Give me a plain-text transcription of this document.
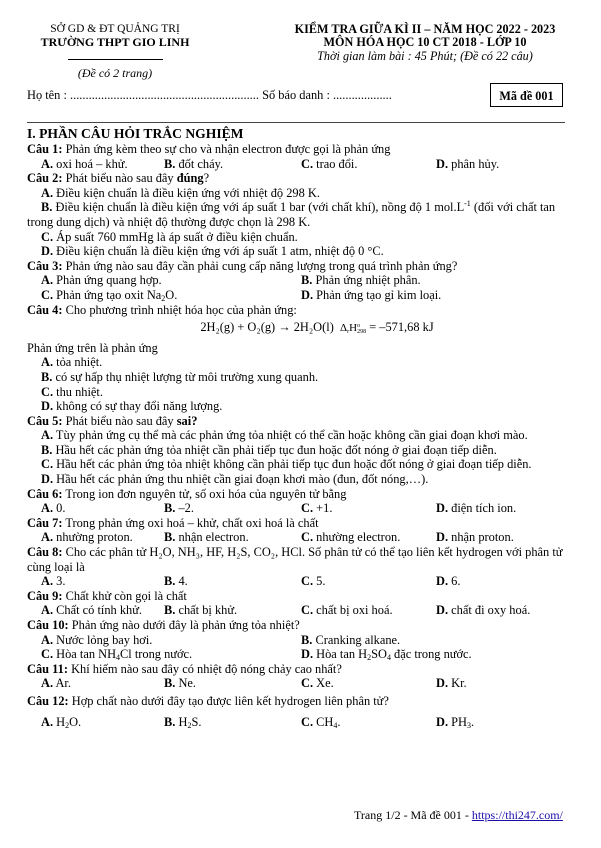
SỞ GD & ĐT QUẢNG TRỊ
TRƯỜNG THPT GIO LINH
(Đề có 2 trang)
KIỂM TRA GIỮA KÌ II – NĂM HỌC 2022 - 2023
MÔN HÓA HỌC 10 CT 2018 - LỚP 10
Thời gian làm bài : 45 Phút; (Đề có 22 câu)
Họ tên : ............................................................. Số báo danh : ...................	Mã đề 001
I. PHẦN CÂU HỎI TRẮC NGHIỆM
Câu 1: Phản ứng kèm theo sự cho và nhận electron được gọi là phản ứng
A. oxi hoá – khử.	B. đốt cháy.	C. trao đổi.	D. phân hủy.
Câu 2: Phát biểu nào sau đây đúng?
A. Điều kiện chuẩn là điều kiện ứng với nhiệt độ 298 K.
B. Điều kiện chuẩn là điều kiện ứng với áp suất 1 bar (với chất khí), nồng độ 1 $mol.L^{-1}$ (đối với chất tan trong dung dịch) và nhiệt độ thường được chọn là 298 K.
C. Áp suất 760 mmHg là áp suất ở điều kiện chuẩn.
D. Điều kiện chuẩn là điều kiện ứng với áp suất 1 atm, nhiệt độ 0 °C.
Câu 3: Phản ứng nào sau đây cần phải cung cấp năng lượng trong quá trình phản ứng?
A. Phản ứng quang hợp.	B. Phản ứng nhiệt phân.
C. Phản ứng tạo oxit $Na_2O$.	D. Phản ứng tạo gỉ kim loại.
Câu 4: Cho phương trình nhiệt hóa học của phản ứng:
2H₂(g) + O₂(g) → 2H₂O(l) $\Delta_rHo$
298 = –571,68 kJ
Phản ứng trên là phản ứng
A. tỏa nhiệt.
B. có sự hấp thụ nhiệt lượng từ môi trường xung quanh.
C. thu nhiệt.
D. không có sự thay đổi năng lượng.
Câu 5: Phát biểu nào sau đây sai?
A. Tùy phản ứng cụ thể mà các phản ứng tỏa nhiệt có thể cần hoặc không cần giai đoạn khơi mào.
B. Hầu hết các phản ứng tỏa nhiệt cần phải tiếp tục đun hoặc đốt nóng ở giai đoạn tiếp diễn.
C. Hầu hết các phản ứng tỏa nhiệt không cần phải tiếp tục đun hoặc đốt nóng ở giai đoạn tiếp diễn.
D. Hầu hết các phản ứng thu nhiệt cần giai đoạn khơi mào (đun, đốt nóng,…).
Câu 6: Trong ion đơn nguyên tử, số oxi hóa của nguyên tử bằng
A. 0.	B. –2.	C. +1.	D. điện tích ion.
Câu 7: Trong phản ứng oxi hoá – khử, chất oxi hoá là chất
A. nhường proton.	B. nhận electron.	C. nhường electron.	D. nhận proton.
Câu 8: Cho các phân tử H₂O, NH₃, HF, H₂S, CO₂, HCl. Số phân tử có thể tạo liên kết hydrogen với phân tử cùng loại là
A. 3.	B. 4.	C. 5.	D. 6.
Câu 9: Chất khử còn gọi là chất
A. Chất có tính khử.	B. chất bị khử.	C. chất bị oxi hoá.	D. chất đi oxy hoá.
Câu 10: Phản ứng nào dưới đây là phản ứng tỏa nhiệt?
A. Nước lỏng bay hơi.	B. Cranking alkane.
C. Hòa $\tan NH_4Cl$ trong nước.	D. Hòa $\tan H_2SO_4$ đặc trong nước.
Câu 11: Khí hiếm nào sau đây có nhiệt độ nóng chảy cao nhất?
A. Ar.	B. Ne.	C. Xe.	D. Kr.
Câu 12: Hợp chất nào dưới đây tạo được liên kết hydrogen liên phân tử?
A. $H_2O$.	B. $H_2S$.	C. $CH_4$.	D. $PH_3$.
Trang 1/2 - Mã đề 001 - https://thi247.com/
